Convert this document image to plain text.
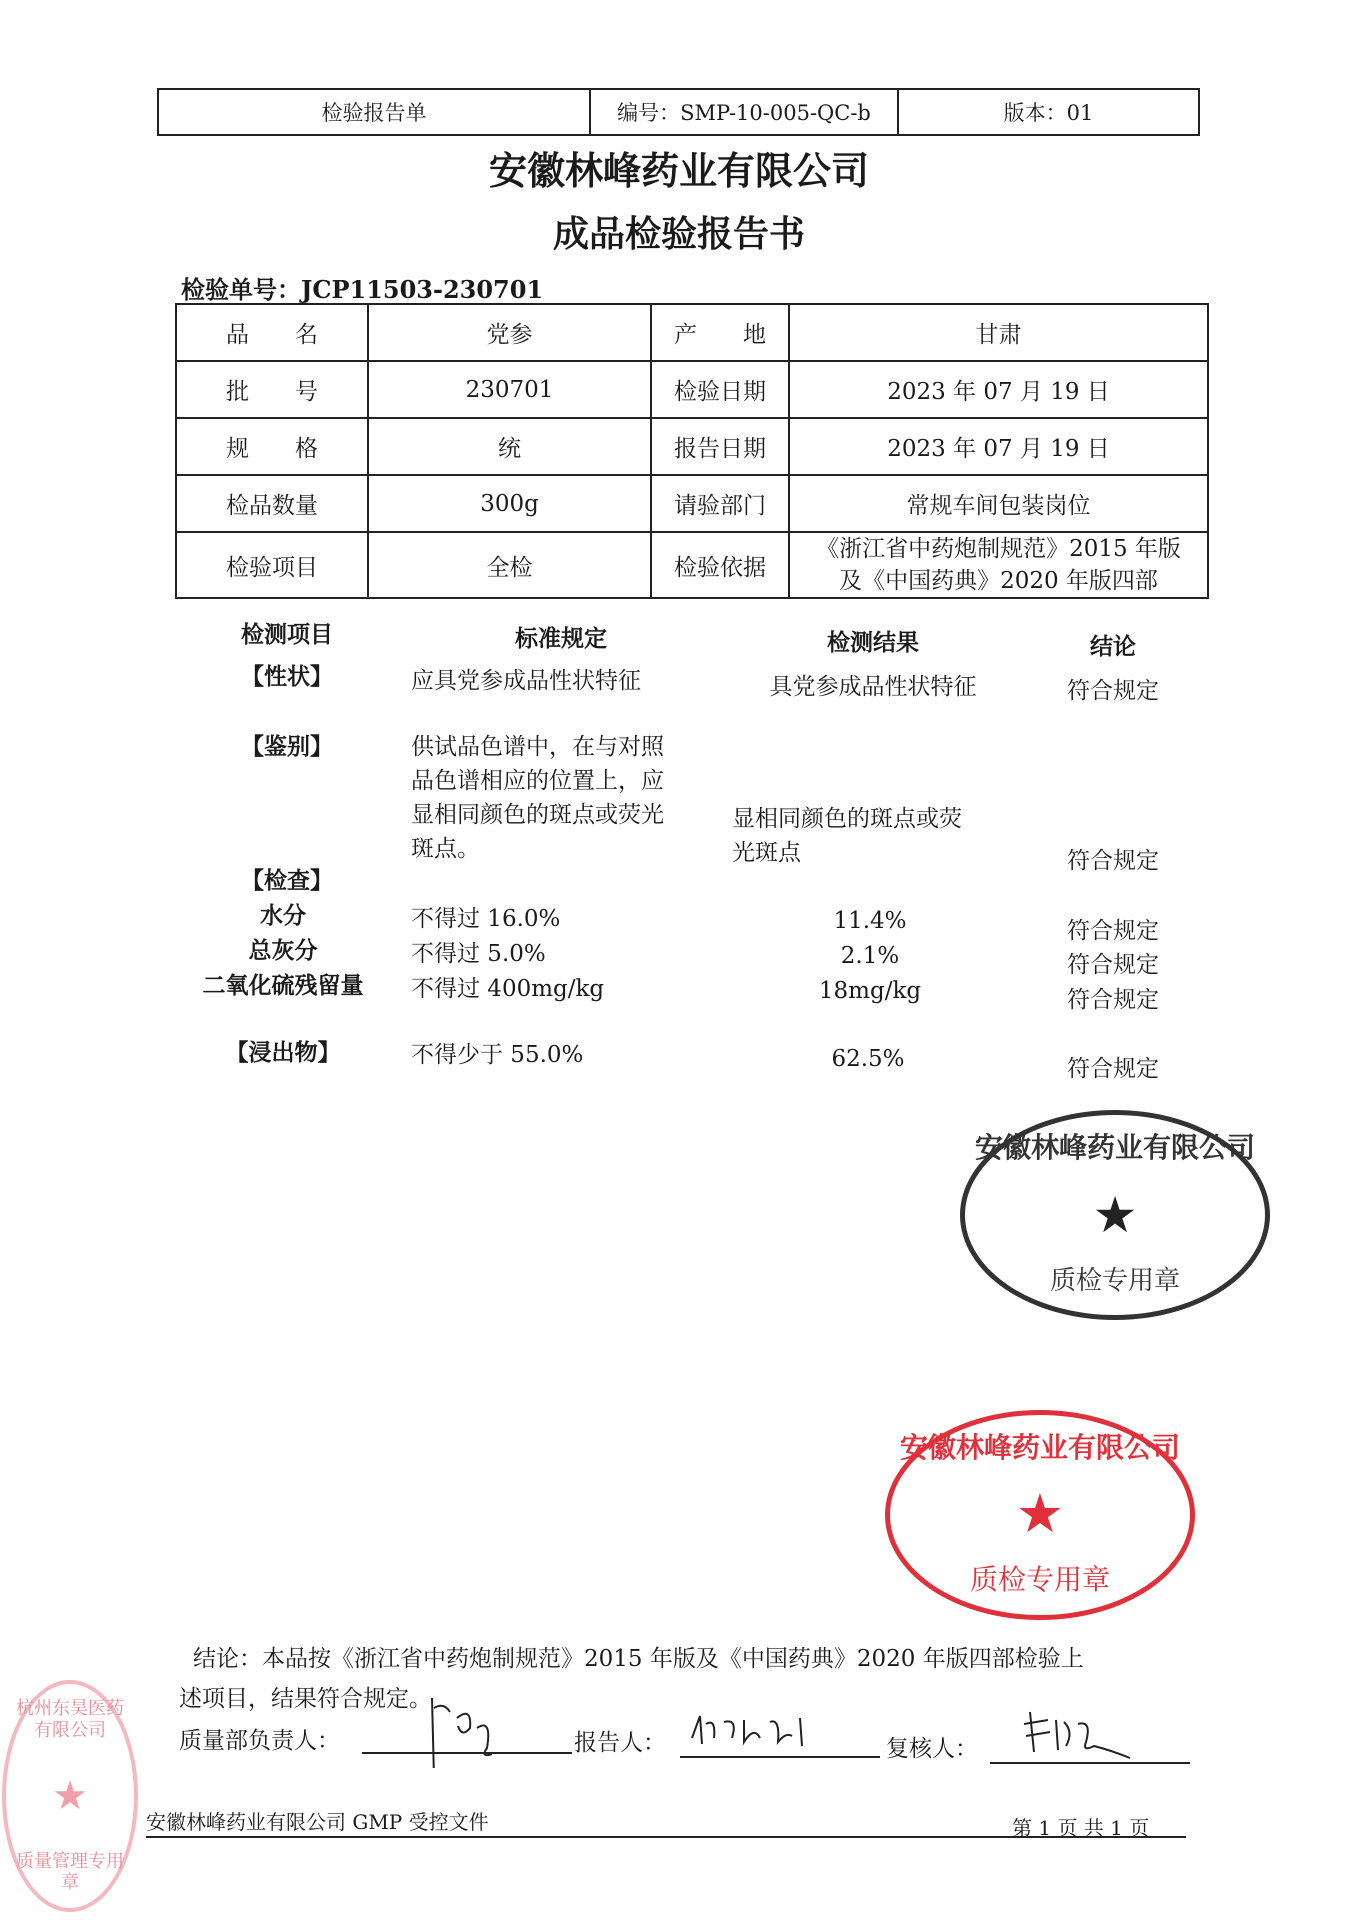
检验报告单	编号：SMP-10-005-QC-b	版本：01
安徽林峰药业有限公司
成品检验报告书
检验单号：JCP11503-230701
品　　名	党参	产　　地	甘肃
批　　号	230701	检验日期	2023 年 07 月 19 日
规　　格	统	报告日期	2023 年 07 月 19 日
检品数量	300g	请验部门	常规车间包装岗位
检验项目	全检	检验依据	《浙江省中药炮制规范》2015 年版
及《中国药典》2020 年版四部
检测项目	标准规定	检测结果	结论
【性状】	应具党参成品性状特征	具党参成品性状特征	符合规定
【鉴别】	供试品色谱中，在与对照
品色谱相应的位置上，应
显相同颜色的斑点或荧光
斑点。
显相同颜色的斑点或荧
光斑点	符合规定
【检查】
水分	不得过 16.0%	11.4%	符合规定
总灰分	不得过 5.0%	2.1%	符合规定
二氧化硫残留量 不得过 400mg/kg	18mg/kg	符合规定
【浸出物】	不得少于 55.0%	62.5%	符合规定
安徽林峰药业有限公司
★
质检专用章
安徽林峰药业有限公司
★
质检专用章
杭州东昊医药有限公司
★
质量管理专用章
结论：本品按《浙江省中药炮制规范》2015 年版及《中国药典》2020 年版四部检验上
述项目，结果符合规定。
质量部负责人：	报告人：	复核人：
安徽林峰药业有限公司 GMP 受控文件	第 1 页 共 1 页
